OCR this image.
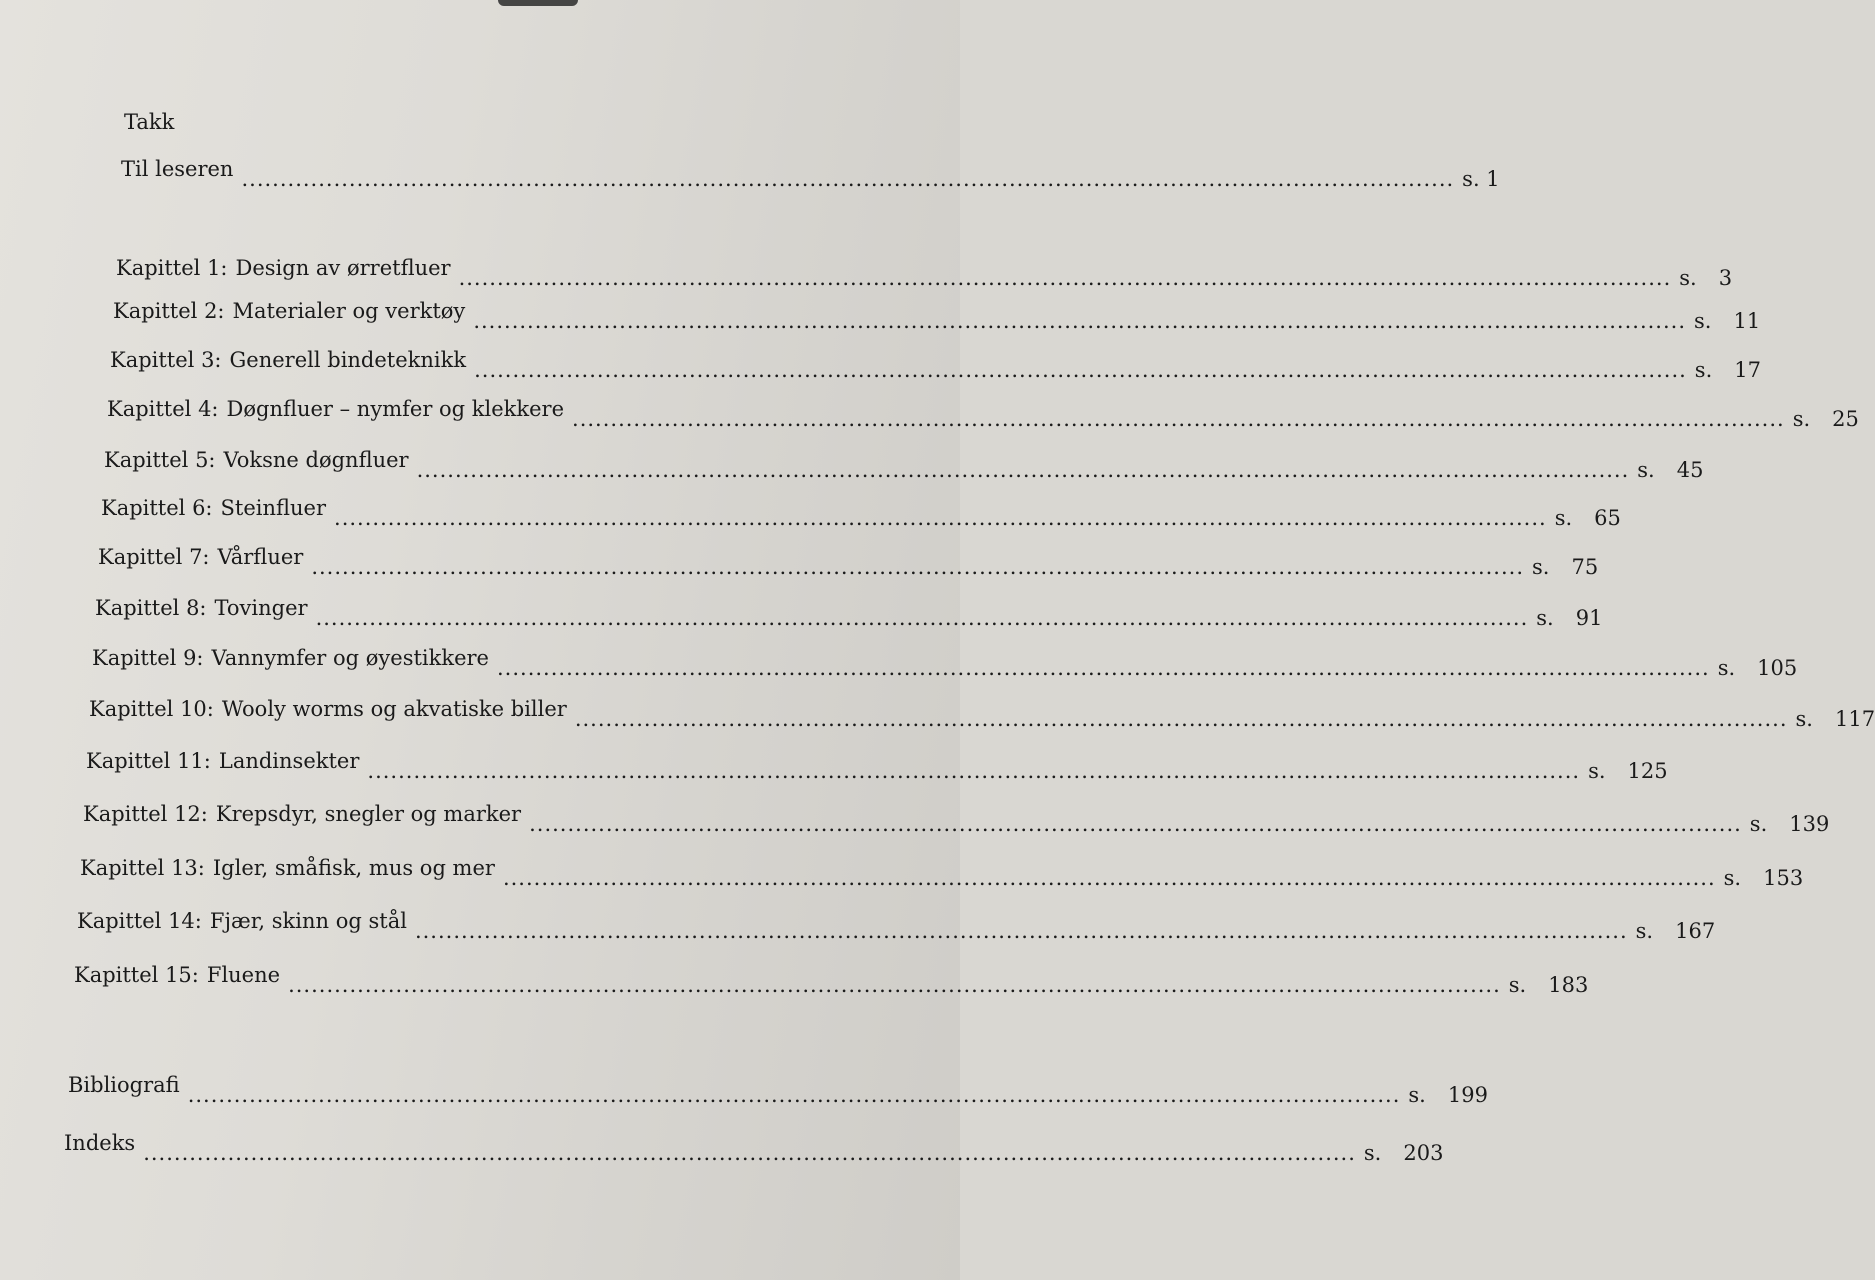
Takk
Til leseren .............................................................................................................................................................. s. 1
Kapittel 1: Design av ørretfluer .............................................................................................................................................................. s. 3
Kapittel 2: Materialer og verktøy .............................................................................................................................................................. s. 11
Kapittel 3: Generell bindeteknikk .............................................................................................................................................................. s. 17
Kapittel 4: Døgnfluer – nymfer og klekkere .............................................................................................................................................................. s. 25
Kapittel 5: Voksne døgnfluer .............................................................................................................................................................. s. 45
Kapittel 6: Steinfluer .............................................................................................................................................................. s. 65
Kapittel 7: Vårfluer .............................................................................................................................................................. s. 75
Kapittel 8: Tovinger .............................................................................................................................................................. s. 91
Kapittel 9: Vannymfer og øyestikkere .............................................................................................................................................................. s. 105
Kapittel 10: Wooly worms og akvatiske biller .............................................................................................................................................................. s. 117
Kapittel 11: Landinsekter .............................................................................................................................................................. s. 125
Kapittel 12: Krepsdyr, snegler og marker .............................................................................................................................................................. s. 139
Kapittel 13: Igler, småfisk, mus og mer .............................................................................................................................................................. s. 153
Kapittel 14: Fjær, skinn og stål .............................................................................................................................................................. s. 167
Kapittel 15: Fluene .............................................................................................................................................................. s. 183
Bibliografi .............................................................................................................................................................. s. 199
Indeks .............................................................................................................................................................. s. 203
